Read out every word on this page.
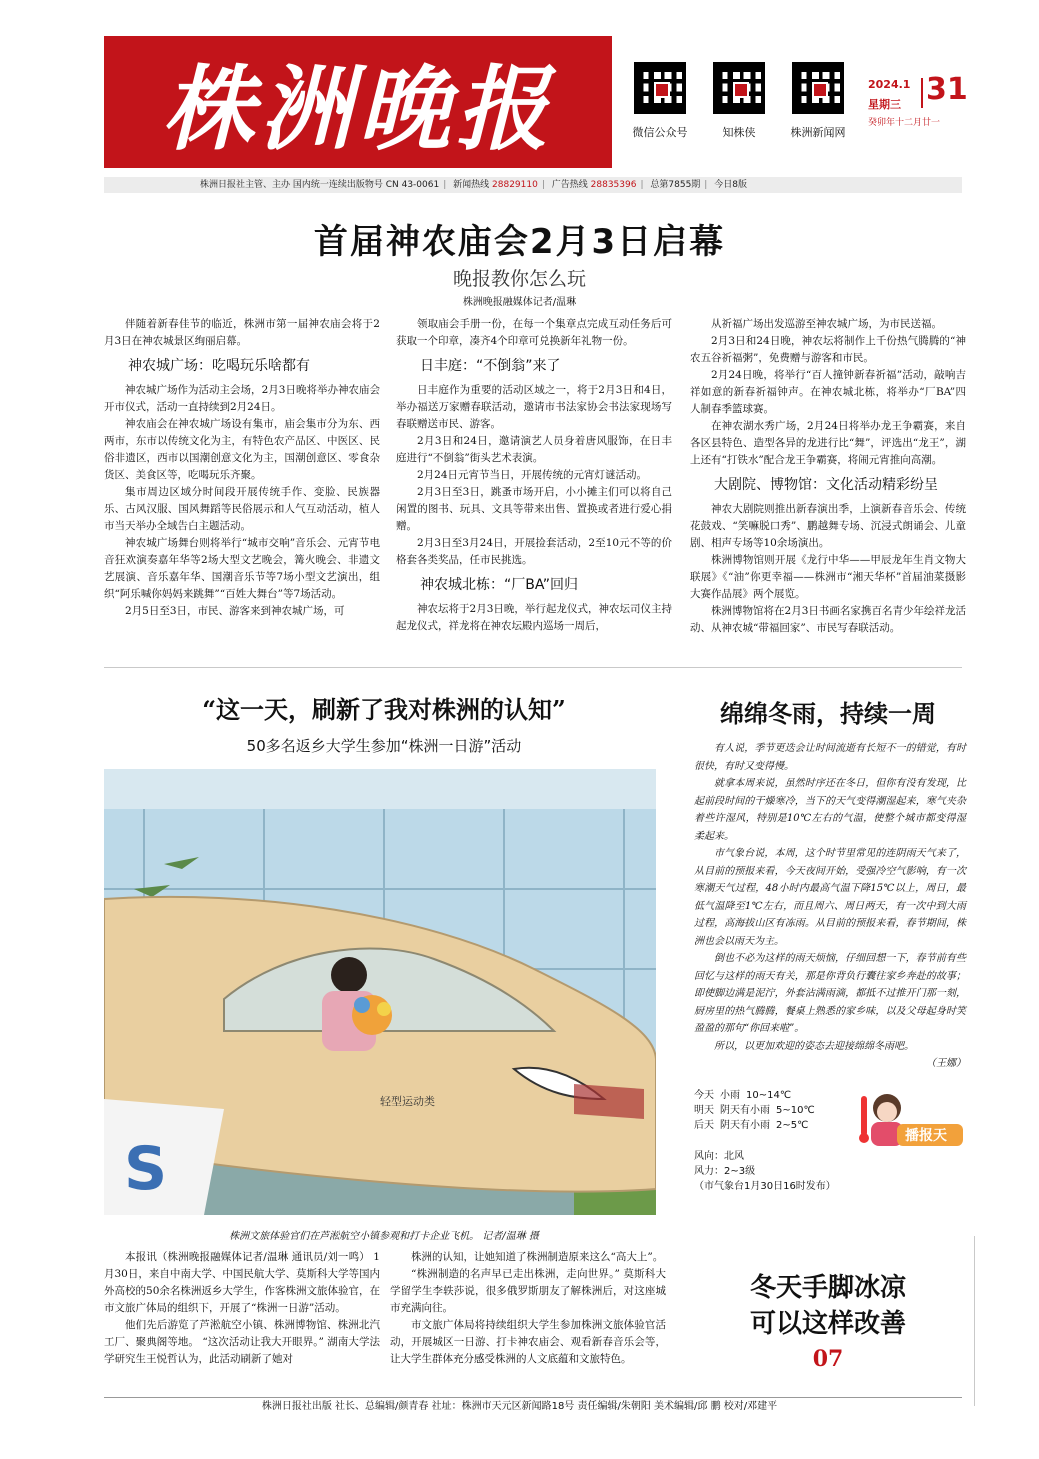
株洲晚报	微信公众号	知株侠	株洲新闻网
2024.1
星期三
癸卯年十二月廿一
31
株洲日报社主管、主办 国内统一连续出版物号 CN 43-0061 | 新闻热线 28829110 | 广告热线 28835396 | 总第7855期 | 今日8版
首届神农庙会2月3日启幕
晚报教你怎么玩
株洲晚报融媒体记者/温琳

伴随着新春佳节的临近，株洲市第一届神农庙会将于2月3日在神农城景区绚丽启幕。

神农城广场：吃喝玩乐啥都有

神农城广场作为活动主会场，2月3日晚将举办神农庙会开市仪式，活动一直持续到2月24日。

神农庙会在神农城广场设有集市，庙会集市分为东、西两市，东市以传统文化为主，有特色农产品区、中医区、民俗非遗区，西市以国潮创意文化为主，国潮创意区、零食杂货区、美食区等，吃喝玩乐齐聚。

集市周边区域分时间段开展传统手作、变脸、民族器乐、古风汉服、国风舞蹈等民俗展示和人气互动活动，植人市当天举办全域告白主题活动。

神农城广场舞台则将举行“城市交响”音乐会、元宵节电音狂欢演奏嘉年华等2场大型文艺晚会，篝火晚会、非遗文艺展演、音乐嘉年华、国潮音乐节等7场小型文艺演出，组织“阿乐喊你妈妈来跳舞”“百姓大舞台”等7场活动。

2月5日至3日，市民、游客来到神农城广场，可

领取庙会手册一份，在每一个集章点完成互动任务后可获取一个印章，凑齐4个印章可兑换新年礼物一份。

日丰庭：“不倒翁”来了

日丰庭作为重要的活动区域之一，将于2月3日和4日，举办福送万家赠春联活动，邀请市书法家协会书法家现场写春联赠送市民、游客。

2月3日和24日，邀请演艺人员身着唐风服饰，在日丰庭进行“不倒翁”街头艺术表演。

2月24日元宵节当日，开展传统的元宵灯谜活动。

2月3日至3日，跳蚤市场开启，小小摊主们可以将自己闲置的图书、玩具、文具等带来出售、置换或者进行爱心捐赠。

2月3日至3月24日，开展捡套活动，2至10元不等的价格套各类奖品，任市民挑选。

神农城北栋：“厂BA”回归

神农坛将于2月3日晚，举行起龙仪式，神农坛司仪主持起龙仪式，祥龙将在神农坛殿内巡场一周后，

从祈福广场出发巡游至神农城广场，为市民送福。

2月3日和24日晚，神农坛将制作上千份热气腾腾的“神农五谷祈福粥”，免费赠与游客和市民。

2月24日晚，将举行“百人撞钟新春祈福”活动，敲响吉祥如意的新春祈福钟声。在神农城北栋，将举办“厂BA”四人制春季篮球赛。

在神农湖水秀广场，2月24日将举办龙王争霸赛，来自各区县特色、造型各异的龙进行比“舞”，评选出“龙王”，湖上还有“打铁水”配合龙王争霸赛，将闹元宵推向高潮。

大剧院、博物馆：文化活动精彩纷呈

神农大剧院则推出新春演出季，上演新春音乐会、传统花鼓戏、“笑嘛脱口秀”、鹏越舞专场、沉浸式朗诵会、儿童剧、相声专场等10余场演出。

株洲博物馆则开展《龙行中华——甲辰龙年生肖文物大联展》《“油”你更幸福——株洲市“湘天华杯”首届油菜摄影大赛作品展》两个展览。

株洲博物馆将在2月3日书画名家携百名青少年绘祥龙活动、从神农城“带福回家”、市民写春联活动。

“这一天，刷新了我对株洲的认知”
50多名返乡大学生参加“株洲一日游”活动
S
轻型运动类
株洲文旅体验官们在芦淞航空小镇参观和打卡企业飞机。 记者/温琳 摄

本报讯（株洲晚报融媒体记者/温琳 通讯员/刘一鸣） 1月30日，来自中南大学、中国民航大学、莫斯科大学等国内外高校的50余名株洲返乡大学生，作客株洲文旅体验官，在市文旅广体局的组织下，开展了“株洲一日游”活动。

他们先后游览了芦淞航空小镇、株洲博物馆、株洲北汽工厂、聚典阁等地。 “这次活动让我大开眼界。” 湖南大学法学研究生王悦哲认为，此活动刷新了她对

株洲的认知，让她知道了株洲制造原来这么“高大上”。

“株洲制造的名声早已走出株洲，走向世界。” 莫斯科大学留学生李轶莎说，很多俄罗斯朋友了解株洲后，对这座城市充满向往。

市文旅广体局将持续组织大学生参加株洲文旅体验官活动，开展城区一日游、打卡神农庙会、观看新春音乐会等，让大学生群体充分感受株洲的人文底蕴和文旅特色。

绵绵冬雨，持续一周

有人说，季节更迭会让时间流逝有长短不一的错觉，有时很快，有时又变得慢。

就拿本周来说，虽然时序还在冬日，但你有没有发现，比起前段时间的干燥寒冷，当下的天气变得潮湿起来，寒气夹杂着些许湿风，特别是10℃左右的气温，使整个城市都变得湿柔起来。

市气象台说，本周，这个时节里常见的连阴雨天气来了，从目前的预报来看，今天夜间开始，受强冷空气影响，有一次寒潮天气过程，48小时内最高气温下降15℃以上，周日，最低气温降至1℃左右，而且周六、周日两天，有一次中到大雨过程，高海拔山区有冻雨。从目前的预报来看，春节期间，株洲也会以雨天为主。

倒也不必为这样的雨天烦恼，仔细回想一下，春节前有些回忆与这样的雨天有关，那是你背负行囊往家乡奔赴的故事；即使脚边满是泥泞，外套沾满雨滴，都抵不过推开门那一刻，厨房里的热气腾腾，餐桌上熟悉的家乡味，以及父母起身时笑盈盈的那句“你回来啦”。

所以，以更加欢迎的姿态去迎接绵绵冬雨吧。

（王娜）
今天 小雨 10~14℃
明天 阴天有小雨 5~10℃
后天 阴天有小雨 2~5℃
播报天
风向：北风
风力：2~3级
（市气象台1月30日16时发布）
冬天手脚冰凉
可以这样改善
07
株洲日报社出版 社长、总编辑/颜青春 社址：株洲市天元区新闻路18号 责任编辑/朱朝阳 美术编辑/邱 鹏 校对/邓建平
